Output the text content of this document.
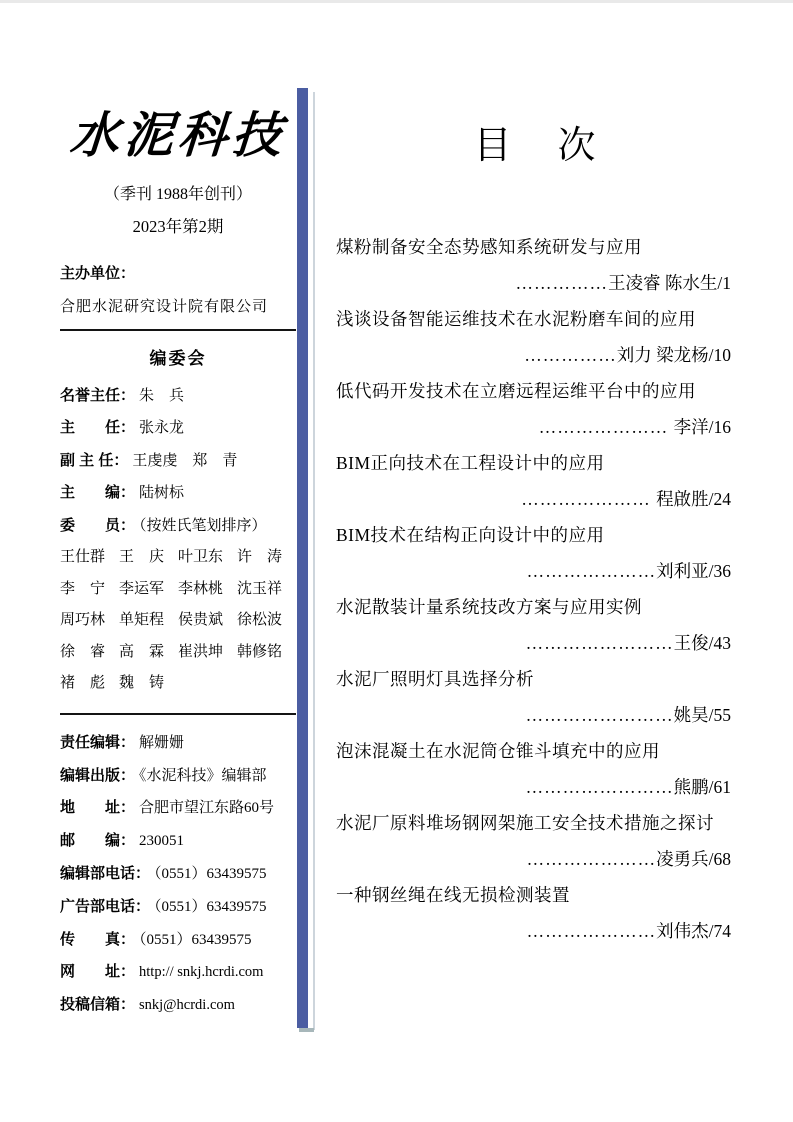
水泥科技
（季刊 1988年创刊）
2023年第2期
主办单位：
合肥水泥研究设计院有限公司
编委会
名誉主任： 朱　兵
主　　任： 张永龙
副 主 任： 王虔虔　郑　青
主　　编： 陆树标
委　　员： （按姓氏笔划排序）
王仕群 王　庆 叶卫东 许　涛
李　宁 李运军 李林桃 沈玉祥
周巧林 单矩程 侯贵斌 徐松波
徐　睿 高　霖 崔洪坤 韩修铭
褚　彪 魏　铸
责任编辑： 解姗姗
编辑出版： 《水泥科技》编辑部
地　　址： 合肥市望江东路60号
邮　　编： 230051
编辑部电话： （0551）63439575
广告部电话： （0551）63439575
传　　真： （0551）63439575
网　　址： http:// snkj.hcrdi.com
投稿信箱： snkj@hcrdi.com
目　次
煤粉制备安全态势感知系统研发与应用
……………王凌睿 陈水生/1
浅谈设备智能运维技术在水泥粉磨车间的应用
……………刘力 梁龙杨/10
低代码开发技术在立磨远程运维平台中的应用
………………… 李洋/16
BIM正向技术在工程设计中的应用
………………… 程啟胜/24
BIM技术在结构正向设计中的应用
…………………刘利亚/36
水泥散装计量系统技改方案与应用实例
……………………王俊/43
水泥厂照明灯具选择分析
……………………姚昊/55
泡沫混凝土在水泥筒仓锥斗填充中的应用
……………………熊鹏/61
水泥厂原料堆场钢网架施工安全技术措施之探讨
…………………凌勇兵/68
一种钢丝绳在线无损检测装置
…………………刘伟杰/74
